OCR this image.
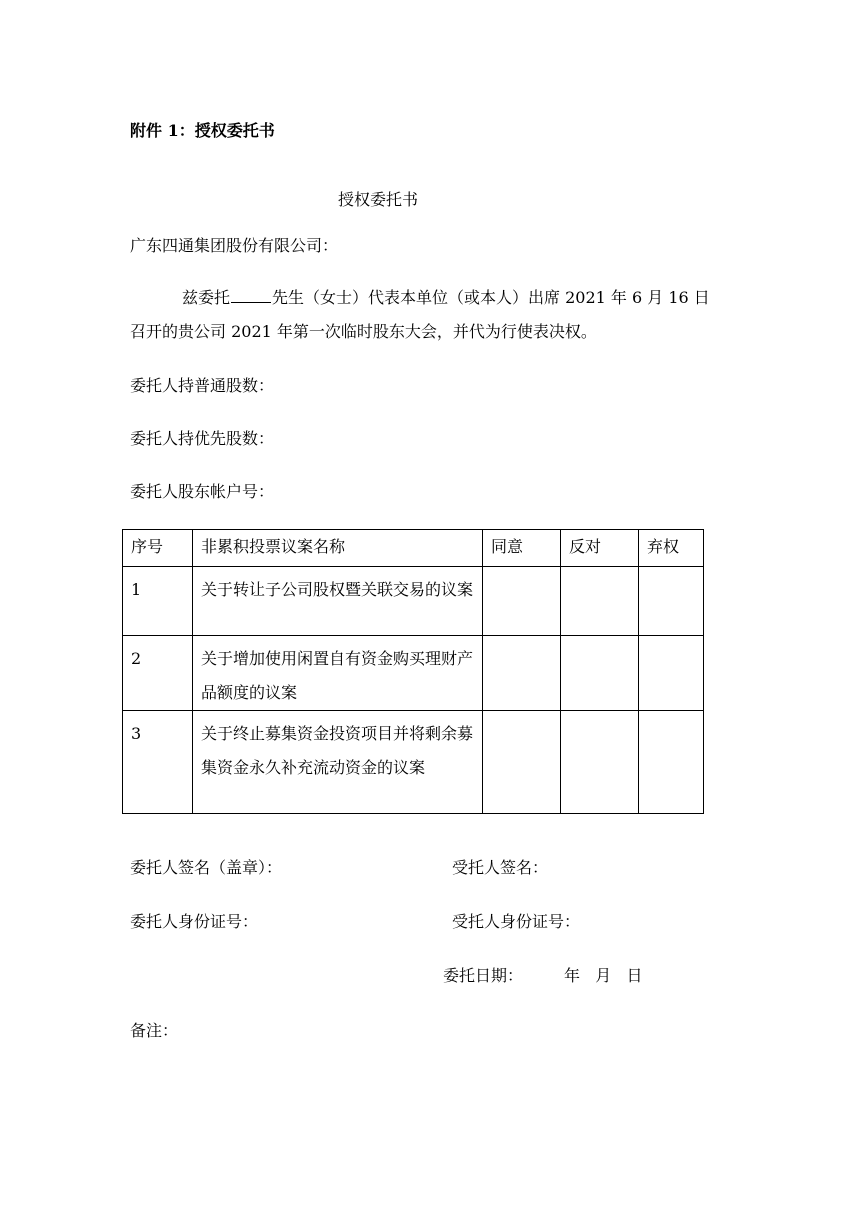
附件 1：授权委托书
授权委托书
广东四通集团股份有限公司：
兹委托	先生（女士）代表本单位（或本人）出席 2021 年 6 月 16 日
召开的贵公司 2021 年第一次临时股东大会，并代为行使表决权。
委托人持普通股数：
委托人持优先股数：
委托人股东帐户号：
序号	非累积投票议案名称	同意	反对	弃权
1	关于转让子公司股权暨关联交易的议案			
2	关于增加使用闲置自有资金购买理财产品额度的议案			
3	关于终止募集资金投资项目并将剩余募集资金永久补充流动资金的议案			
委托人签名（盖章）：	受托人签名：
委托人身份证号：	受托人身份证号：
委托日期：	年   月   日
备注：
